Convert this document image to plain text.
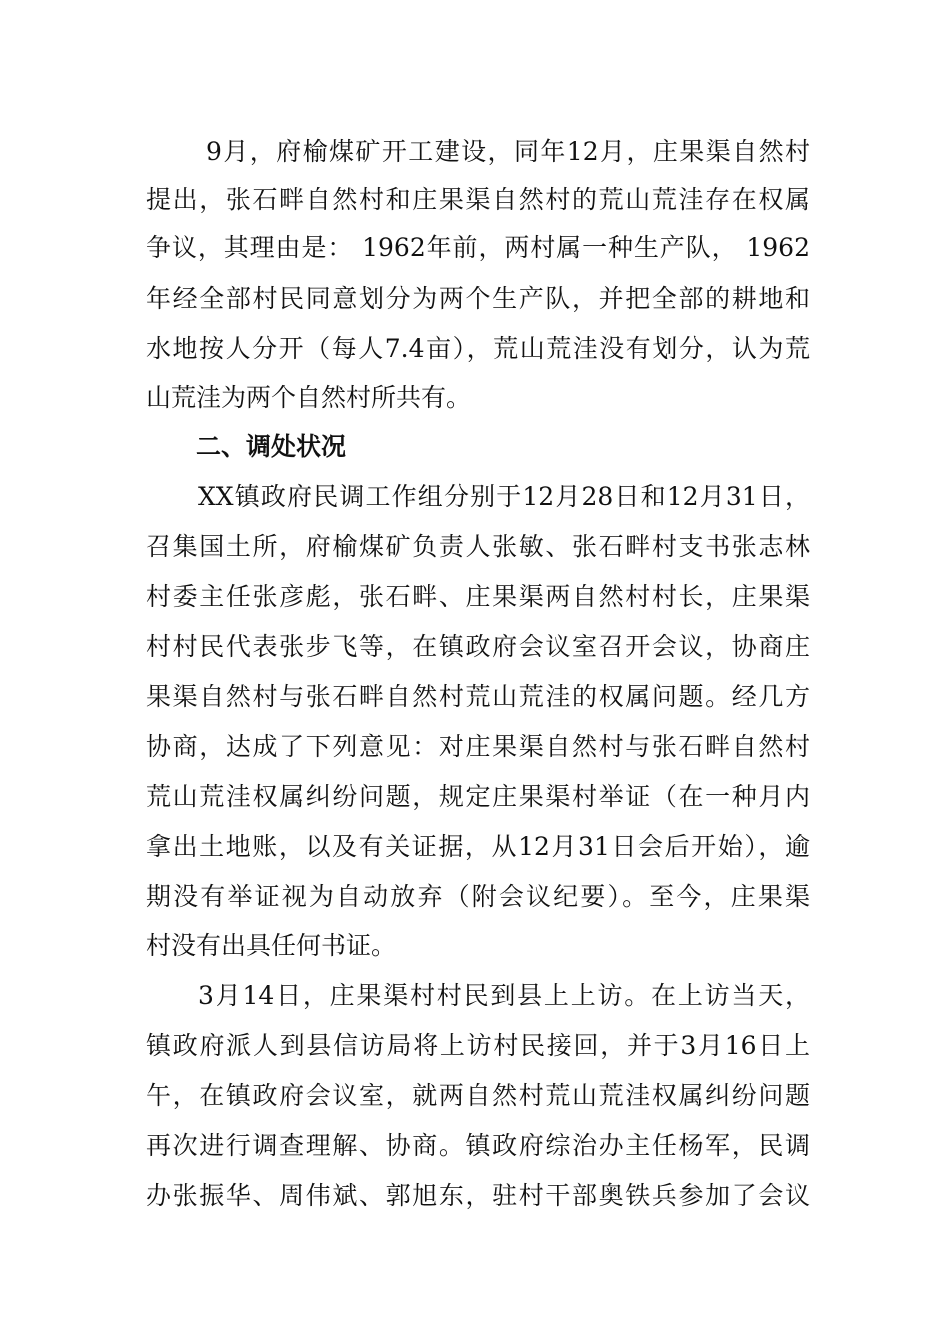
9月，府榆煤矿开工建设，同年12月，庄果渠自然村
提出，张石畔自然村和庄果渠自然村的荒山荒洼存在权属
争议，其理由是： 1962年前，两村属一种生产队， 1962
年经全部村民同意划分为两个生产队，并把全部的耕地和
水地按人分开（每人7.4亩），荒山荒洼没有划分，认为荒
山荒洼为两个自然村所共有。
二、调处状况
XX镇政府民调工作组分别于12月28日和12月31日，
召集国土所，府榆煤矿负责人张敏、张石畔村支书张志林
村委主任张彦彪，张石畔、庄果渠两自然村村长，庄果渠
村村民代表张步飞等，在镇政府会议室召开会议，协商庄
果渠自然村与张石畔自然村荒山荒洼的权属问题。经几方
协商，达成了下列意见：对庄果渠自然村与张石畔自然村
荒山荒洼权属纠纷问题，规定庄果渠村举证（在一种月内
拿出土地账，以及有关证据，从12月31日会后开始），逾
期没有举证视为自动放弃（附会议纪要）。至今，庄果渠
村没有出具任何书证。
3月14日，庄果渠村村民到县上上访。在上访当天，
镇政府派人到县信访局将上访村民接回，并于3月16日上
午，在镇政府会议室，就两自然村荒山荒洼权属纠纷问题
再次进行调查理解、协商。镇政府综治办主任杨军，民调
办张振华、周伟斌、郭旭东，驻村干部奥铁兵参加了会议
